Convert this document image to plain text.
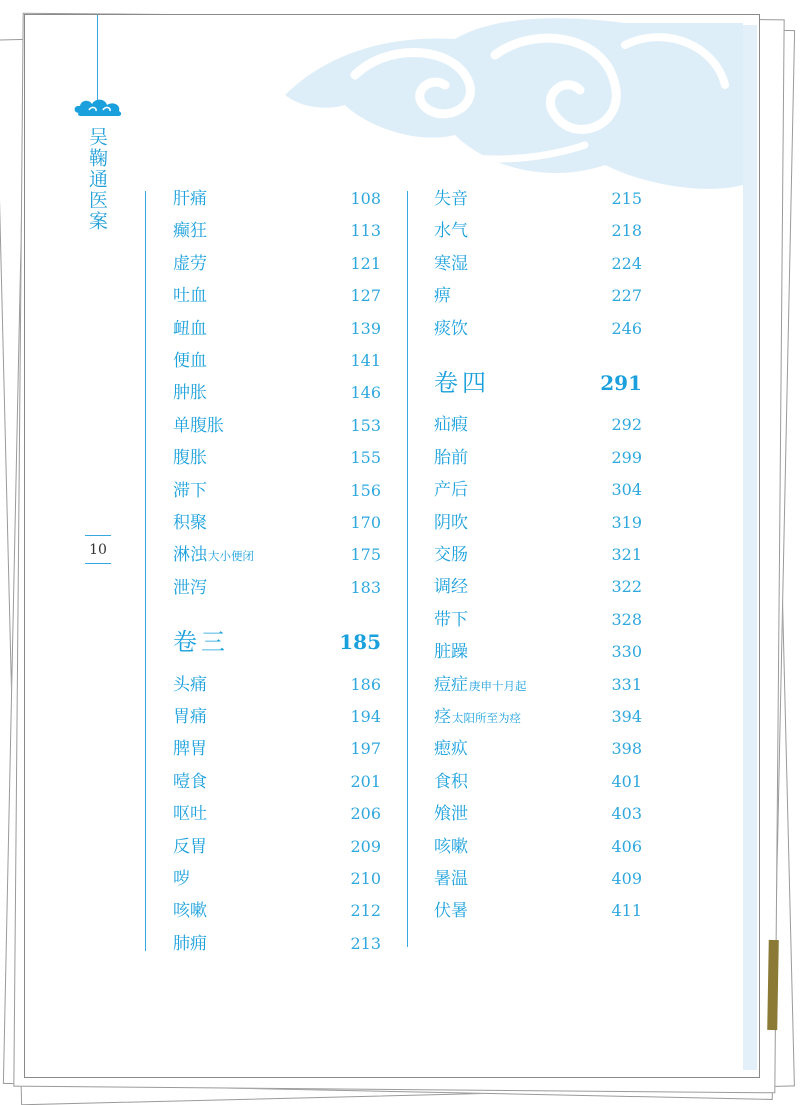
吴鞠通医案
10
肝痛	108
癫狂	113
虚劳	121
吐血	127
衄血	139
便血	141
肿胀	146
单腹胀	153
腹胀	155
滞下	156
积聚	170
淋浊大小便闭	175
泄泻	183
卷三	185
头痛	186
胃痛	194
脾胃	197
噎食	201
呕吐	206
反胃	209
哕	210
咳嗽	212
肺痈	213
失音	215
水气	218
寒湿	224
痹	227
痰饮	246
卷四	291
疝瘕	292
胎前	299
产后	304
阴吹	319
交肠	321
调经	322
带下	328
脏躁	330
痘症庚申十月起	331
痉太阳所至为痉	394
瘛疭	398
食积	401
飧泄	403
咳嗽	406
暑温	409
伏暑	411
